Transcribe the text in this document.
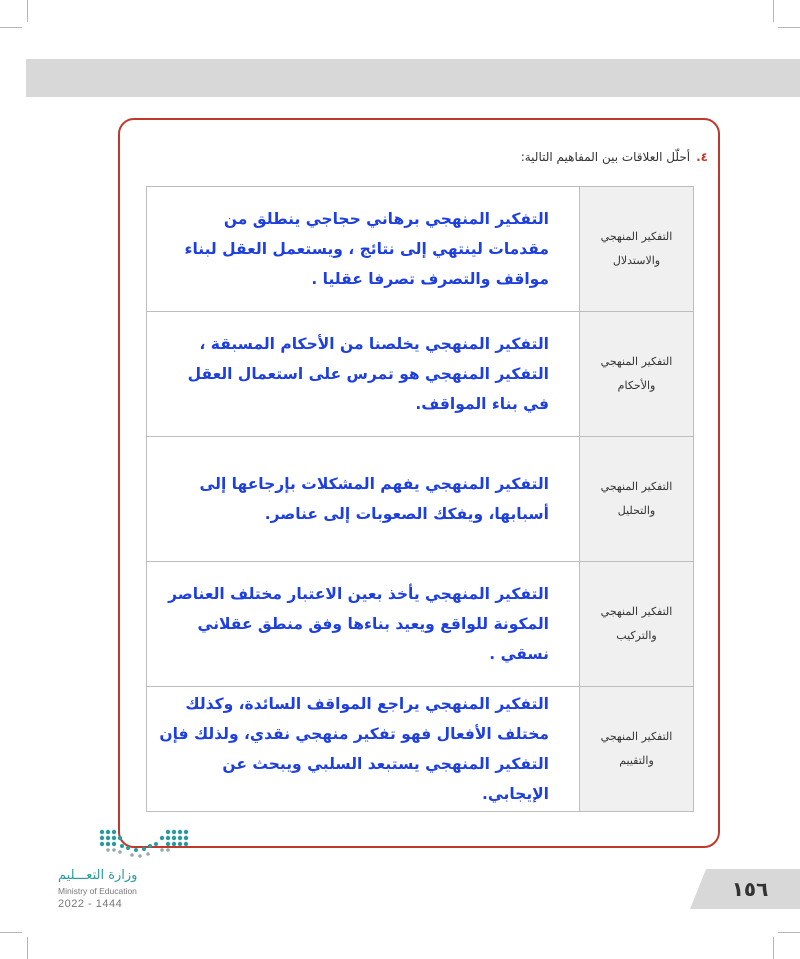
٤.أحلّل العلاقات بين المفاهيم التالية:
التفكير المنهجي
والاستدلال	التفكير المنهجي برهاني حجاجي ينطلق من مقدمات لينتهي إلى نتائج ، ويستعمل العقل لبناء مواقف والتصرف تصرفا عقليا .

التفكير المنهجي
والأحكام	التفكير المنهجي يخلصنا من الأحكام المسبقة ، التفكير المنهجي هو تمرس على استعمال العقل في بناء المواقف.

التفكير المنهجي
والتحليل	التفكير المنهجي يفهم المشكلات بإرجاعها إلى أسبابها، ويفكك الصعوبات إلى عناصر.

التفكير المنهجي
والتركيب	التفكير المنهجي يأخذ بعين الاعتبار مختلف العناصر المكونة للواقع ويعيد بناءها وفق منطق عقلاني نسقي .

التفكير المنهجي
والتقييم	التفكير المنهجي يراجع المواقف السائدة، وكذلك مختلف الأفعال فهو تفكير منهجي نقدي، ولذلك فإن التفكير المنهجي يستبعد السلبي ويبحث عن الإيجابي.
وزارة التعـــليم
Ministry of Education
2022 - 1444
١٥٦
